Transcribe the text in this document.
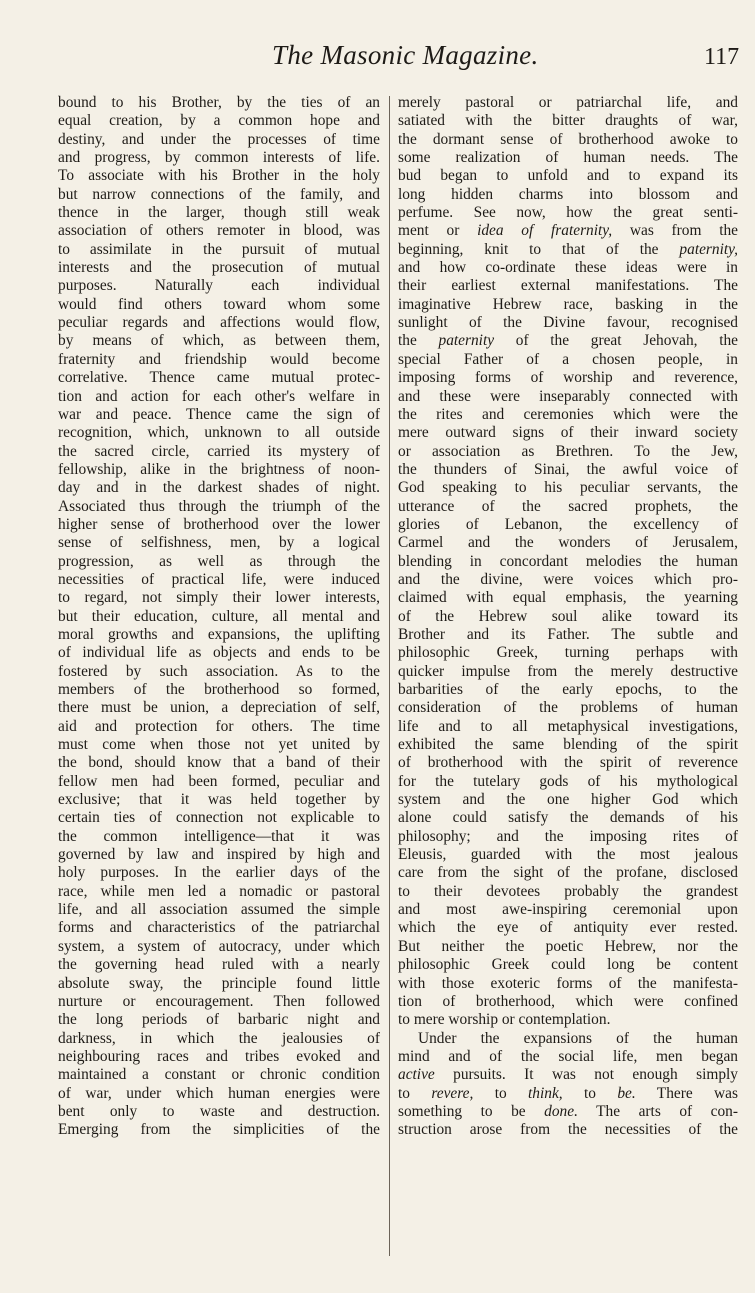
The Masonic Magazine.	117
bound to his Brother, by the ties of an
equal creation, by a common hope and
destiny, and under the processes of time
and progress, by common interests of life.
To associate with his Brother in the holy
but narrow connections of the family, and
thence in the larger, though still weak
association of others remoter in blood, was
to assimilate in the pursuit of mutual
interests and the prosecution of mutual
purposes. Naturally each individual
would find others toward whom some
peculiar regards and affections would flow,
by means of which, as between them,
fraternity and friendship would become
correlative. Thence came mutual protec-
tion and action for each other's welfare in
war and peace. Thence came the sign of
recognition, which, unknown to all outside
the sacred circle, carried its mystery of
fellowship, alike in the brightness of noon-
day and in the darkest shades of night.
Associated thus through the triumph of the
higher sense of brotherhood over the lower
sense of selfishness, men, by a logical
progression, as well as through the
necessities of practical life, were induced
to regard, not simply their lower interests,
but their education, culture, all mental and
moral growths and expansions, the uplifting
of individual life as objects and ends to be
fostered by such association. As to the
members of the brotherhood so formed,
there must be union, a depreciation of self,
aid and protection for others. The time
must come when those not yet united by
the bond, should know that a band of their
fellow men had been formed, peculiar and
exclusive; that it was held together by
certain ties of connection not explicable to
the common intelligence—that it was
governed by law and inspired by high and
holy purposes. In the earlier days of the
race, while men led a nomadic or pastoral
life, and all association assumed the simple
forms and characteristics of the patriarchal
system, a system of autocracy, under which
the governing head ruled with a nearly
absolute sway, the principle found little
nurture or encouragement. Then followed
the long periods of barbaric night and
darkness, in which the jealousies of
neighbouring races and tribes evoked and
maintained a constant or chronic condition
of war, under which human energies were
bent only to waste and destruction.
Emerging from the simplicities of the
merely pastoral or patriarchal life, and
satiated with the bitter draughts of war,
the dormant sense of brotherhood awoke to
some realization of human needs. The
bud began to unfold and to expand its
long hidden charms into blossom and
perfume. See now, how the great senti-
ment or idea of fraternity, was from the
beginning, knit to that of the paternity,
and how co-ordinate these ideas were in
their earliest external manifestations. The
imaginative Hebrew race, basking in the
sunlight of the Divine favour, recognised
the paternity of the great Jehovah, the
special Father of a chosen people, in
imposing forms of worship and reverence,
and these were inseparably connected with
the rites and ceremonies which were the
mere outward signs of their inward society
or association as Brethren. To the Jew,
the thunders of Sinai, the awful voice of
God speaking to his peculiar servants, the
utterance of the sacred prophets, the
glories of Lebanon, the excellency of
Carmel and the wonders of Jerusalem,
blending in concordant melodies the human
and the divine, were voices which pro-
claimed with equal emphasis, the yearning
of the Hebrew soul alike toward its
Brother and its Father. The subtle and
philosophic Greek, turning perhaps with
quicker impulse from the merely destructive
barbarities of the early epochs, to the
consideration of the problems of human
life and to all metaphysical investigations,
exhibited the same blending of the spirit
of brotherhood with the spirit of reverence
for the tutelary gods of his mythological
system and the one higher God which
alone could satisfy the demands of his
philosophy; and the imposing rites of
Eleusis, guarded with the most jealous
care from the sight of the profane, disclosed
to their devotees probably the grandest
and most awe-inspiring ceremonial upon
which the eye of antiquity ever rested.
But neither the poetic Hebrew, nor the
philosophic Greek could long be content
with those exoteric forms of the manifesta-
tion of brotherhood, which were confined
to mere worship or contemplation.
Under the expansions of the human
mind and of the social life, men began
active pursuits. It was not enough simply
to revere, to think, to be. There was
something to be done. The arts of con-
struction arose from the necessities of the
